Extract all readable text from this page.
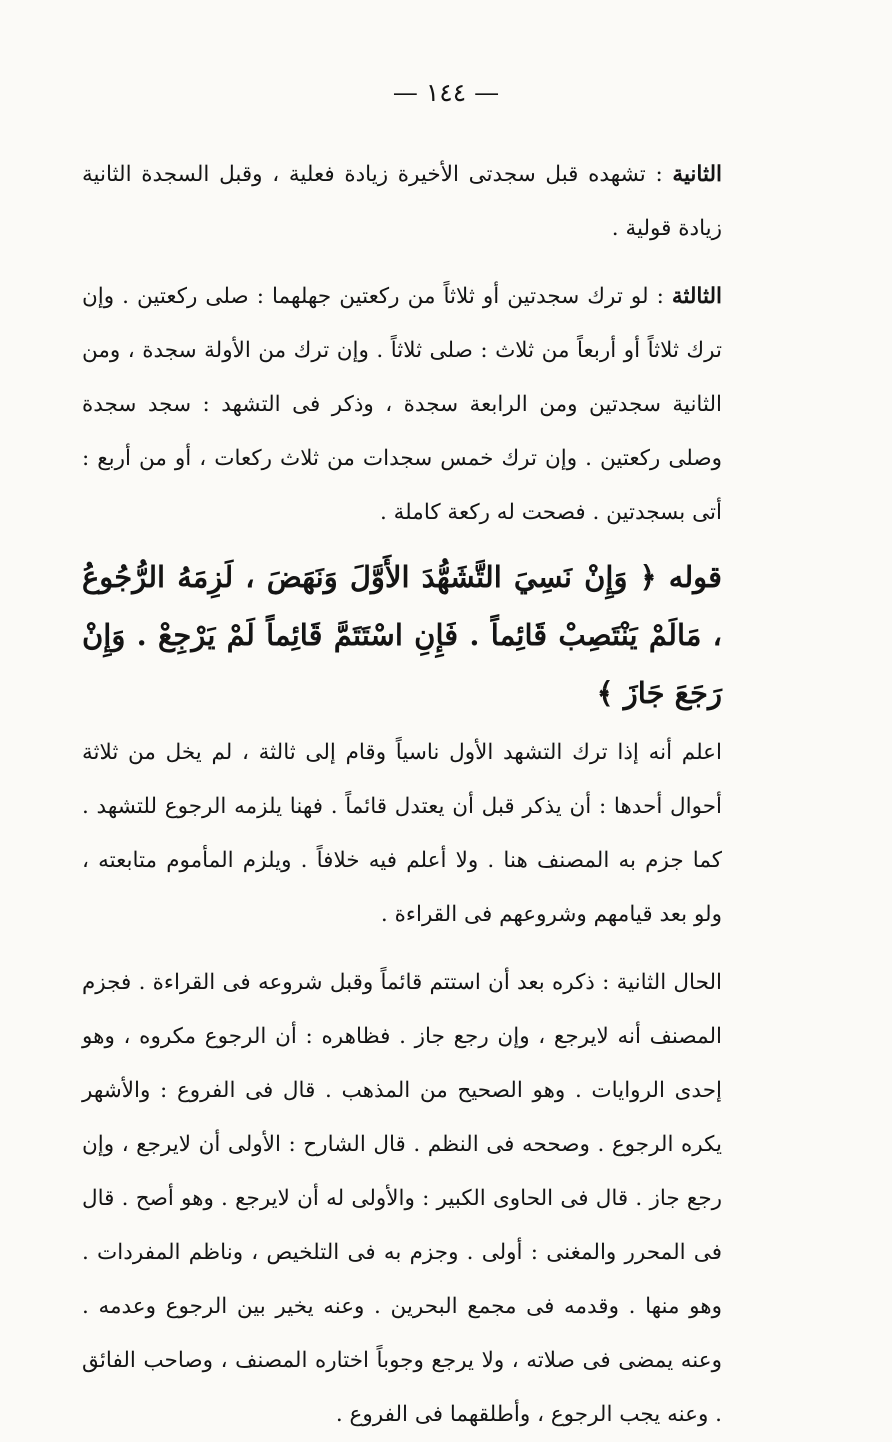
— ١٤٤ —

الثانية : تشهده قبل سجدتى الأخيرة زيادة فعلية ، وقبل السجدة الثانية زيادة قولية .

الثالثة : لو ترك سجدتين أو ثلاثاً من ركعتين جهلهما : صلى ركعتين . وإن ترك ثلاثاً أو أربعاً من ثلاث : صلى ثلاثاً . وإن ترك من الأولة سجدة ، ومن الثانية سجدتين ومن الرابعة سجدة ، وذكر فى التشهد : سجد سجدة وصلى ركعتين . وإن ترك خمس سجدات من ثلاث ركعات ، أو من أربع : أتى بسجدتين . فصحت له ركعة كاملة .

قوله ﴿ وَإِنْ نَسِيَ التَّشَهُّدَ الأَوَّلَ وَنَهَضَ ، لَزِمَهُ الرُّجُوعُ ، مَالَمْ يَنْتَصِبْ قَائِماً . فَإِنِ اسْتَتَمَّ قَائِماً لَمْ يَرْجِعْ . وَإِنْ رَجَعَ جَازَ ﴾

اعلم أنه إذا ترك التشهد الأول ناسياً وقام إلى ثالثة ، لم يخل من ثلاثة أحوال أحدها : أن يذكر قبل أن يعتدل قائماً . فهنا يلزمه الرجوع للتشهد . كما جزم به المصنف هنا . ولا أعلم فيه خلافاً . ويلزم المأموم متابعته ، ولو بعد قيامهم وشروعهم فى القراءة .

الحال الثانية : ذكره بعد أن استتم قائماً وقبل شروعه فى القراءة . فجزم المصنف أنه لايرجع ، وإن رجع جاز . فظاهره : أن الرجوع مكروه ، وهو إحدى الروايات . وهو الصحيح من المذهب . قال فى الفروع : والأشهر يكره الرجوع . وصححه فى النظم . قال الشارح : الأولى أن لايرجع ، وإن رجع جاز . قال فى الحاوى الكبير : والأولى له أن لايرجع . وهو أصح . قال فى المحرر والمغنى : أولى . وجزم به فى التلخيص ، وناظم المفردات . وهو منها . وقدمه فى مجمع البحرين . وعنه يخير بين الرجوع وعدمه . وعنه يمضى فى صلاته ، ولا يرجع وجوباً اختاره المصنف ، وصاحب الفائق . وعنه يجب الرجوع ، وأطلقهما فى الفروع .
